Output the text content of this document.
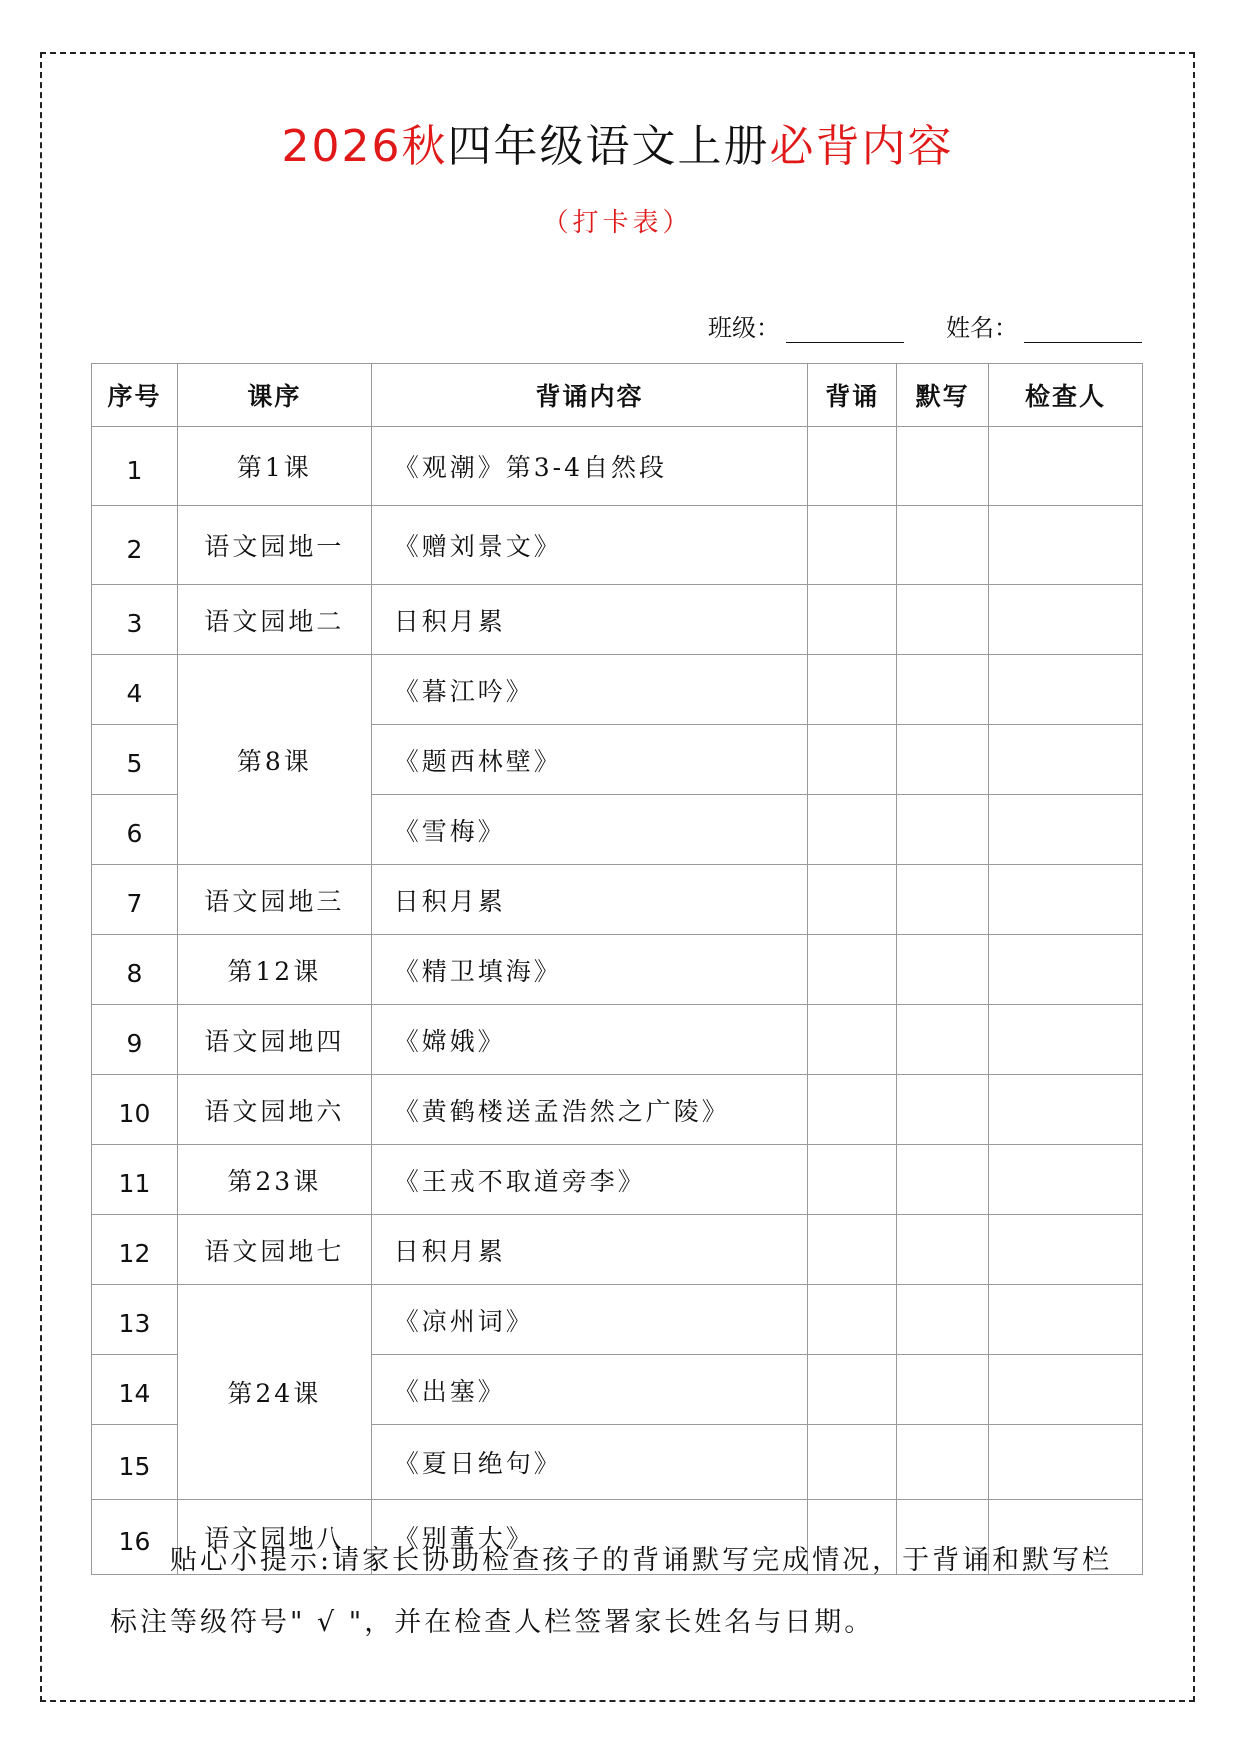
2026秋四年级语文上册必背内容
（打卡表）
班级：	姓名：
序号	课序	背诵内容	背诵	默写	检查人
1	第1课	《观潮》第3-4自然段			
2	语文园地一	《赠刘景文》			
3	语文园地二	日积月累			
4	第8课	《暮江吟》			
5		《题西林壁》			
6		《雪梅》			
7	语文园地三	日积月累			
8	第12课	《精卫填海》			
9	语文园地四	《嫦娥》			
10	语文园地六	《黄鹤楼送孟浩然之广陵》			
11	第23课	《王戎不取道旁李》			
12	语文园地七	日积月累			
13	第24课	《凉州词》			
14		《出塞》			
15		《夏日绝句》			
16	语文园地八	《别董大》			
贴心小提示:请家长协助检查孩子的背诵默写完成情况，于背诵和默写栏标注等级符号" √ "，并在检查人栏签署家长姓名与日期。
